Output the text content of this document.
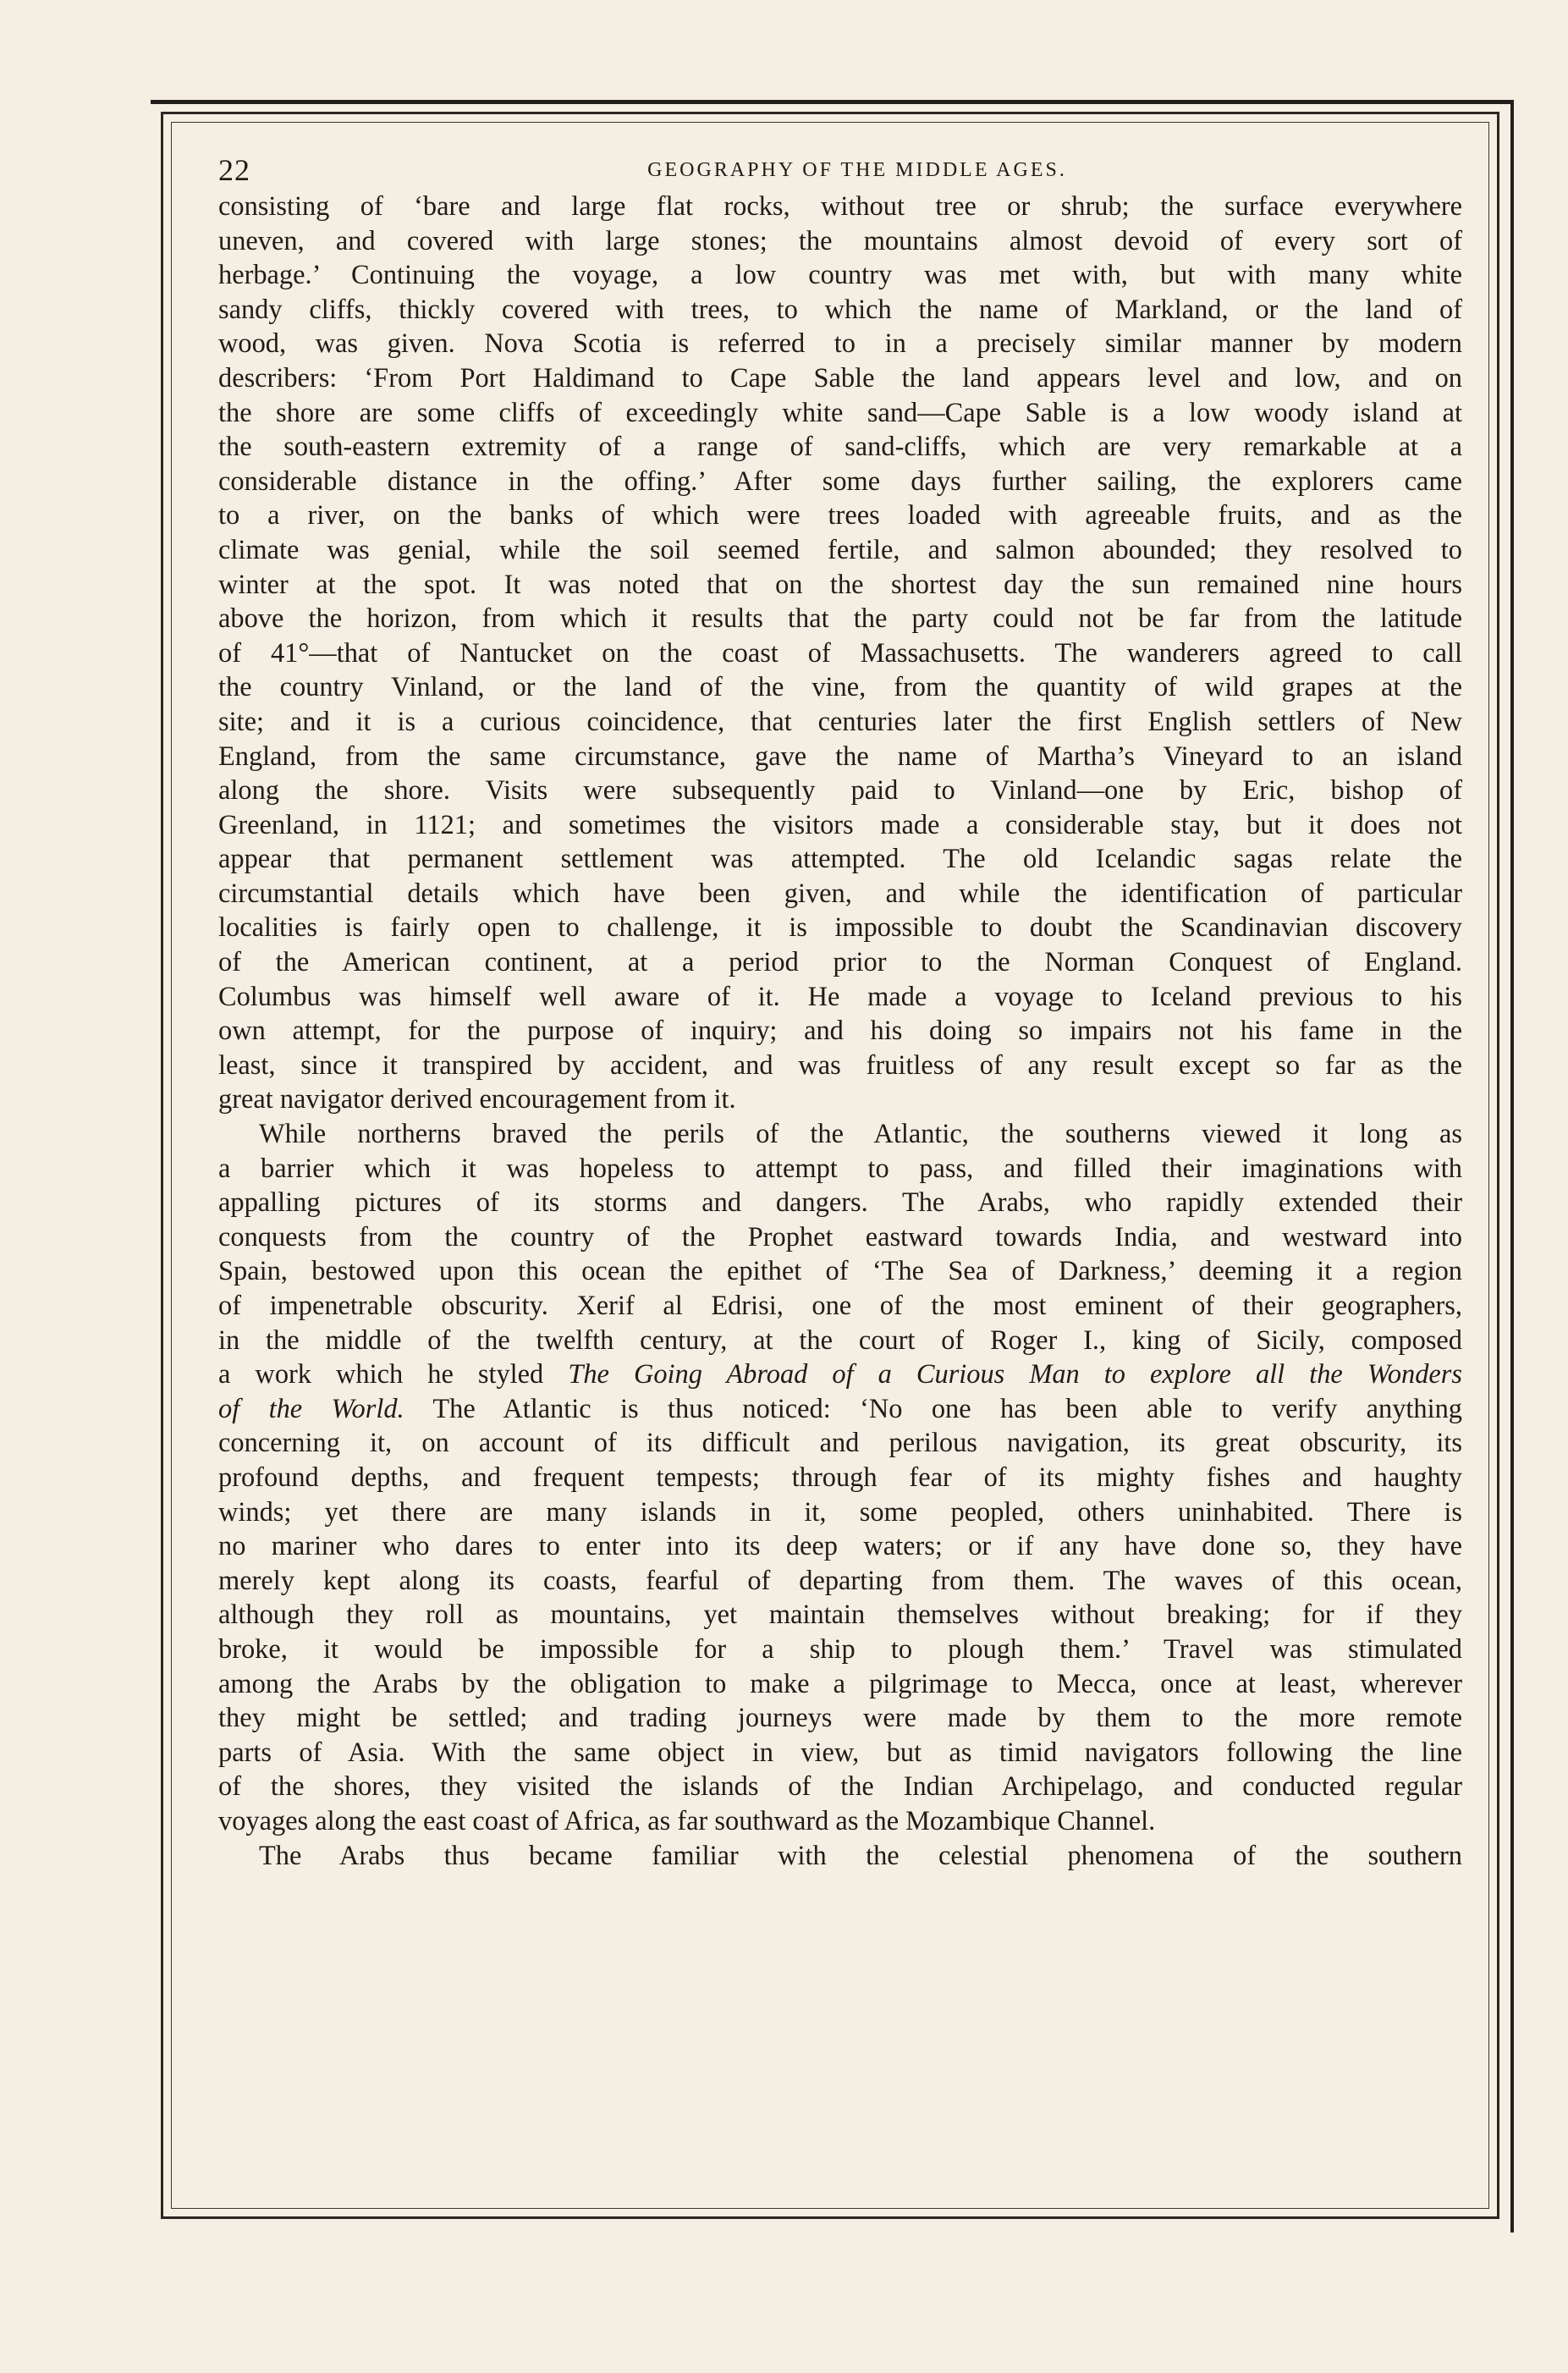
22	GEOGRAPHY OF THE MIDDLE AGES.
consisting of ‘bare and large flat rocks, without tree or shrub; the surface everywhere
uneven, and covered with large stones; the mountains almost devoid of every sort of
herbage.’ Continuing the voyage, a low country was met with, but with many white
sandy cliffs, thickly covered with trees, to which the name of Markland, or the land of
wood, was given. Nova Scotia is referred to in a precisely similar manner by modern
describers: ‘From Port Haldimand to Cape Sable the land appears level and low, and on
the shore are some cliffs of exceedingly white sand—Cape Sable is a low woody island at
the south-eastern extremity of a range of sand-cliffs, which are very remarkable at a
considerable distance in the offing.’ After some days further sailing, the explorers came
to a river, on the banks of which were trees loaded with agreeable fruits, and as the
climate was genial, while the soil seemed fertile, and salmon abounded; they resolved to
winter at the spot. It was noted that on the shortest day the sun remained nine hours
above the horizon, from which it results that the party could not be far from the latitude
of 41°—that of Nantucket on the coast of Massachusetts. The wanderers agreed to call
the country Vinland, or the land of the vine, from the quantity of wild grapes at the
site; and it is a curious coincidence, that centuries later the first English settlers of New
England, from the same circumstance, gave the name of Martha’s Vineyard to an island
along the shore. Visits were subsequently paid to Vinland—one by Eric, bishop of
Greenland, in 1121; and sometimes the visitors made a considerable stay, but it does not
appear that permanent settlement was attempted. The old Icelandic sagas relate the
circumstantial details which have been given, and while the identification of particular
localities is fairly open to challenge, it is impossible to doubt the Scandinavian discovery
of the American continent, at a period prior to the Norman Conquest of England.
Columbus was himself well aware of it. He made a voyage to Iceland previous to his
own attempt, for the purpose of inquiry; and his doing so impairs not his fame in the
least, since it transpired by accident, and was fruitless of any result except so far as the
great navigator derived encouragement from it.
While northerns braved the perils of the Atlantic, the southerns viewed it long as
a barrier which it was hopeless to attempt to pass, and filled their imaginations with
appalling pictures of its storms and dangers. The Arabs, who rapidly extended their
conquests from the country of the Prophet eastward towards India, and westward into
Spain, bestowed upon this ocean the epithet of ‘The Sea of Darkness,’ deeming it a region
of impenetrable obscurity. Xerif al Edrisi, one of the most eminent of their geographers,
in the middle of the twelfth century, at the court of Roger I., king of Sicily, composed
a work which he styled The Going Abroad of a Curious Man to explore all the Wonders
of the World. The Atlantic is thus noticed: ‘No one has been able to verify anything
concerning it, on account of its difficult and perilous navigation, its great obscurity, its
profound depths, and frequent tempests; through fear of its mighty fishes and haughty
winds; yet there are many islands in it, some peopled, others uninhabited. There is
no mariner who dares to enter into its deep waters; or if any have done so, they have
merely kept along its coasts, fearful of departing from them. The waves of this ocean,
although they roll as mountains, yet maintain themselves without breaking; for if they
broke, it would be impossible for a ship to plough them.’ Travel was stimulated
among the Arabs by the obligation to make a pilgrimage to Mecca, once at least, wherever
they might be settled; and trading journeys were made by them to the more remote
parts of Asia. With the same object in view, but as timid navigators following the line
of the shores, they visited the islands of the Indian Archipelago, and conducted regular
voyages along the east coast of Africa, as far southward as the Mozambique Channel.
The Arabs thus became familiar with the celestial phenomena of the southern
